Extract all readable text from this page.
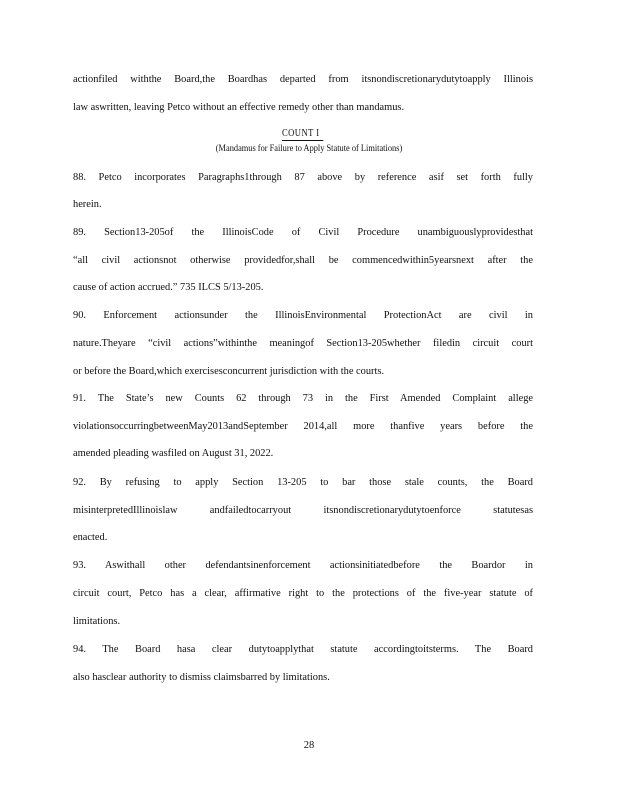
actionfiled withthe Board,the Boardhas departed from itsnondiscretionarydutytoapply Illinois
law aswritten, leaving Petco without an effective remedy other than mandamus.
COUNT I
(Mandamus for Failure to Apply Statute of Limitations)
88. Petco incorporates Paragraphs1through 87 above by reference asif set forth fully
herein.
89. Section13-205of the IllinoisCode of Civil Procedure unambiguouslyprovidesthat
“all civil actionsnot otherwise providedfor,shall be commencedwithin5yearsnext after the
cause of action accrued.” 735 ILCS 5/13-205.
90. Enforcement actionsunder the IllinoisEnvironmental ProtectionAct are civil in
nature.Theyare “civil actions”withinthe meaningof Section13-205whether filedin circuit court
or before the Board,which exercisesconcurrent jurisdiction with the courts.
91. The State’s new Counts 62 through 73 in the First Amended Complaint allege
violationsoccurringbetweenMay2013andSeptember 2014,all more thanfive years before the
amended pleading wasfiled on August 31, 2022.
92. By refusing to apply Section 13-205 to bar those stale counts, the Board
misinterpretedIllinoislaw andfailedtocarryout itsnondiscretionarydutytoenforce statutesas
enacted.
93. Aswithall other defendantsinenforcement actionsinitiatedbefore the Boardor in
circuit court, Petco has a clear, affirmative right to the protections of the five-year statute of
limitations.
94. The Board hasa clear dutytoapplythat statute accordingtoitsterms. The Board
also hasclear authority to dismiss claimsbarred by limitations.
28
